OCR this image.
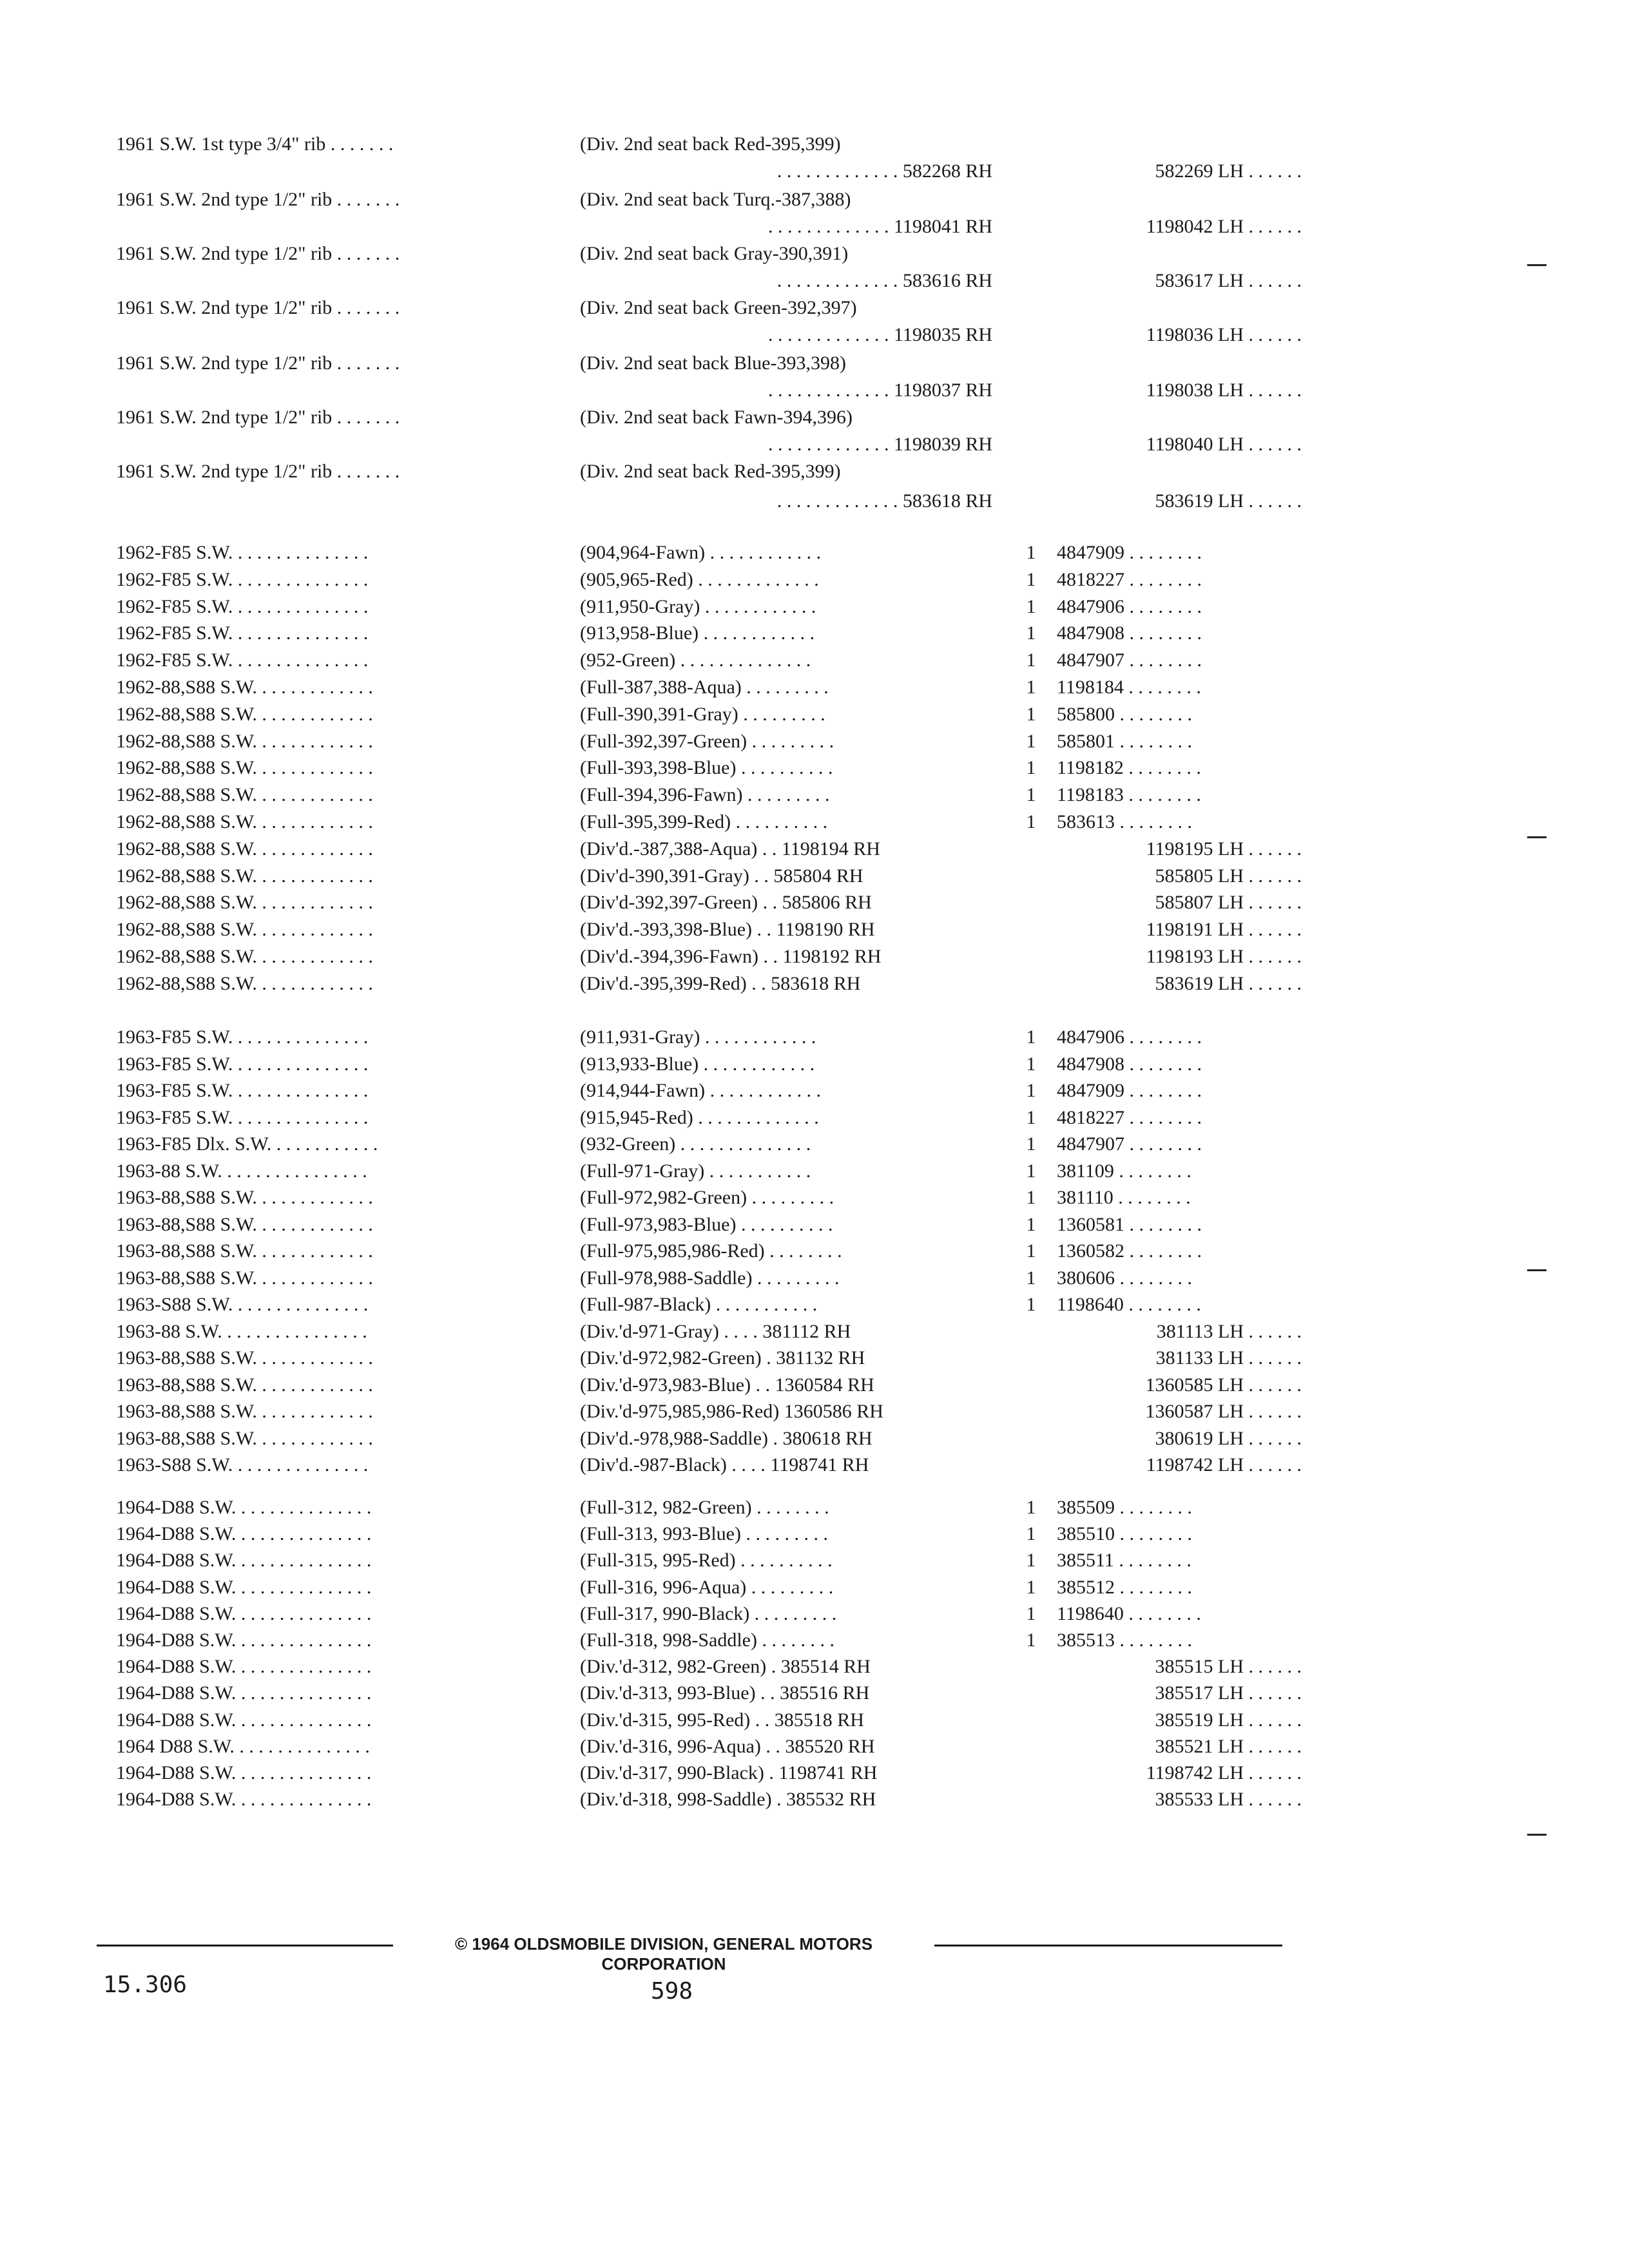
1961 S.W. 1st type 3/4" rib . . . . . . .	(Div. 2nd seat back Red-395,399)
. . . . . . . . . . . . . 582268 RH	582269 LH . . . . . .
1961 S.W. 2nd type 1/2" rib . . . . . . .	(Div. 2nd seat back Turq.-387,388)
. . . . . . . . . . . . . 1198041 RH	1198042 LH . . . . . .
1961 S.W. 2nd type 1/2" rib . . . . . . .	(Div. 2nd seat back Gray-390,391)
. . . . . . . . . . . . . 583616 RH	583617 LH . . . . . .
1961 S.W. 2nd type 1/2" rib . . . . . . .	(Div. 2nd seat back Green-392,397)
. . . . . . . . . . . . . 1198035 RH	1198036 LH . . . . . .
1961 S.W. 2nd type 1/2" rib . . . . . . .	(Div. 2nd seat back Blue-393,398)
. . . . . . . . . . . . . 1198037 RH	1198038 LH . . . . . .
1961 S.W. 2nd type 1/2" rib . . . . . . .	(Div. 2nd seat back Fawn-394,396)
. . . . . . . . . . . . . 1198039 RH	1198040 LH . . . . . .
1961 S.W. 2nd type 1/2" rib . . . . . . .	(Div. 2nd seat back Red-395,399)
. . . . . . . . . . . . . 583618 RH	583619 LH . . . . . .
1962-F85 S.W. . . . . . . . . . . . . . .	(904,964-Fawn) . . . . . . . . . . . .	1	4847909 . . . . . . . .
1962-F85 S.W. . . . . . . . . . . . . . .	(905,965-Red) . . . . . . . . . . . . .	1	4818227 . . . . . . . .
1962-F85 S.W. . . . . . . . . . . . . . .	(911,950-Gray) . . . . . . . . . . . .	1	4847906 . . . . . . . .
1962-F85 S.W. . . . . . . . . . . . . . .	(913,958-Blue) . . . . . . . . . . . .	1	4847908 . . . . . . . .
1962-F85 S.W. . . . . . . . . . . . . . .	(952-Green) . . . . . . . . . . . . . .	1	4847907 . . . . . . . .
1962-88,S88 S.W. . . . . . . . . . . . .	(Full-387,388-Aqua) . . . . . . . . .	1	1198184 . . . . . . . .
1962-88,S88 S.W. . . . . . . . . . . . .	(Full-390,391-Gray) . . . . . . . . .	1	585800 . . . . . . . .
1962-88,S88 S.W. . . . . . . . . . . . .	(Full-392,397-Green) . . . . . . . . .	1	585801 . . . . . . . .
1962-88,S88 S.W. . . . . . . . . . . . .	(Full-393,398-Blue) . . . . . . . . . .	1	1198182 . . . . . . . .
1962-88,S88 S.W. . . . . . . . . . . . .	(Full-394,396-Fawn) . . . . . . . . .	1	1198183 . . . . . . . .
1962-88,S88 S.W. . . . . . . . . . . . .	(Full-395,399-Red) . . . . . . . . . .	1	583613 . . . . . . . .
1962-88,S88 S.W. . . . . . . . . . . . .	(Div'd.-387,388-Aqua) . . 1198194 RH	1198195 LH . . . . . .
1962-88,S88 S.W. . . . . . . . . . . . .	(Div'd-390,391-Gray) . . 585804 RH	585805 LH . . . . . .
1962-88,S88 S.W. . . . . . . . . . . . .	(Div'd-392,397-Green) . . 585806 RH	585807 LH . . . . . .
1962-88,S88 S.W. . . . . . . . . . . . .	(Div'd.-393,398-Blue) . . 1198190 RH	1198191 LH . . . . . .
1962-88,S88 S.W. . . . . . . . . . . . .	(Div'd.-394,396-Fawn) . . 1198192 RH	1198193 LH . . . . . .
1962-88,S88 S.W. . . . . . . . . . . . .	(Div'd.-395,399-Red) . . 583618 RH	583619 LH . . . . . .
1963-F85 S.W. . . . . . . . . . . . . . .	(911,931-Gray) . . . . . . . . . . . .	1	4847906 . . . . . . . .
1963-F85 S.W. . . . . . . . . . . . . . .	(913,933-Blue) . . . . . . . . . . . .	1	4847908 . . . . . . . .
1963-F85 S.W. . . . . . . . . . . . . . .	(914,944-Fawn) . . . . . . . . . . . .	1	4847909 . . . . . . . .
1963-F85 S.W. . . . . . . . . . . . . . .	(915,945-Red) . . . . . . . . . . . . .	1	4818227 . . . . . . . .
1963-F85 Dlx. S.W. . . . . . . . . . . .	(932-Green) . . . . . . . . . . . . . .	1	4847907 . . . . . . . .
1963-88 S.W. . . . . . . . . . . . . . . .	(Full-971-Gray) . . . . . . . . . . .	1	381109 . . . . . . . .
1963-88,S88 S.W. . . . . . . . . . . . .	(Full-972,982-Green) . . . . . . . . .	1	381110 . . . . . . . .
1963-88,S88 S.W. . . . . . . . . . . . .	(Full-973,983-Blue) . . . . . . . . . .	1	1360581 . . . . . . . .
1963-88,S88 S.W. . . . . . . . . . . . .	(Full-975,985,986-Red) . . . . . . . .	1	1360582 . . . . . . . .
1963-88,S88 S.W. . . . . . . . . . . . .	(Full-978,988-Saddle) . . . . . . . . .	1	380606 . . . . . . . .
1963-S88 S.W. . . . . . . . . . . . . . .	(Full-987-Black) . . . . . . . . . . .	1	1198640 . . . . . . . .
1963-88 S.W. . . . . . . . . . . . . . . .	(Div.'d-971-Gray) . . . . 381112 RH	381113 LH . . . . . .
1963-88,S88 S.W. . . . . . . . . . . . .	(Div.'d-972,982-Green) . 381132 RH	381133 LH . . . . . .
1963-88,S88 S.W. . . . . . . . . . . . .	(Div.'d-973,983-Blue) . . 1360584 RH	1360585 LH . . . . . .
1963-88,S88 S.W. . . . . . . . . . . . .	(Div.'d-975,985,986-Red) 1360586 RH	1360587 LH . . . . . .
1963-88,S88 S.W. . . . . . . . . . . . .	(Div'd.-978,988-Saddle) . 380618 RH	380619 LH . . . . . .
1963-S88 S.W. . . . . . . . . . . . . . .	(Div'd.-987-Black) . . . . 1198741 RH	1198742 LH . . . . . .
1964-D88 S.W. . . . . . . . . . . . . . .	(Full-312, 982-Green) . . . . . . . .	1	385509 . . . . . . . .
1964-D88 S.W. . . . . . . . . . . . . . .	(Full-313, 993-Blue) . . . . . . . . .	1	385510 . . . . . . . .
1964-D88 S.W. . . . . . . . . . . . . . .	(Full-315, 995-Red) . . . . . . . . . .	1	385511 . . . . . . . .
1964-D88 S.W. . . . . . . . . . . . . . .	(Full-316, 996-Aqua) . . . . . . . . .	1	385512 . . . . . . . .
1964-D88 S.W. . . . . . . . . . . . . . .	(Full-317, 990-Black) . . . . . . . . .	1	1198640 . . . . . . . .
1964-D88 S.W. . . . . . . . . . . . . . .	(Full-318, 998-Saddle) . . . . . . . .	1	385513 . . . . . . . .
1964-D88 S.W. . . . . . . . . . . . . . .	(Div.'d-312, 982-Green) . 385514 RH	385515 LH . . . . . .
1964-D88 S.W. . . . . . . . . . . . . . .	(Div.'d-313, 993-Blue) . . 385516 RH	385517 LH . . . . . .
1964-D88 S.W. . . . . . . . . . . . . . .	(Div.'d-315, 995-Red) . . 385518 RH	385519 LH . . . . . .
1964 D88 S.W. . . . . . . . . . . . . . .	(Div.'d-316, 996-Aqua) . . 385520 RH	385521 LH . . . . . .
1964-D88 S.W. . . . . . . . . . . . . . .	(Div.'d-317, 990-Black) . 1198741 RH	1198742 LH . . . . . .
1964-D88 S.W. . . . . . . . . . . . . . .	(Div.'d-318, 998-Saddle) . 385532 RH	385533 LH . . . . . .
© 1964 OLDSMOBILE DIVISION, GENERAL MOTORS CORPORATION
15.306	598
